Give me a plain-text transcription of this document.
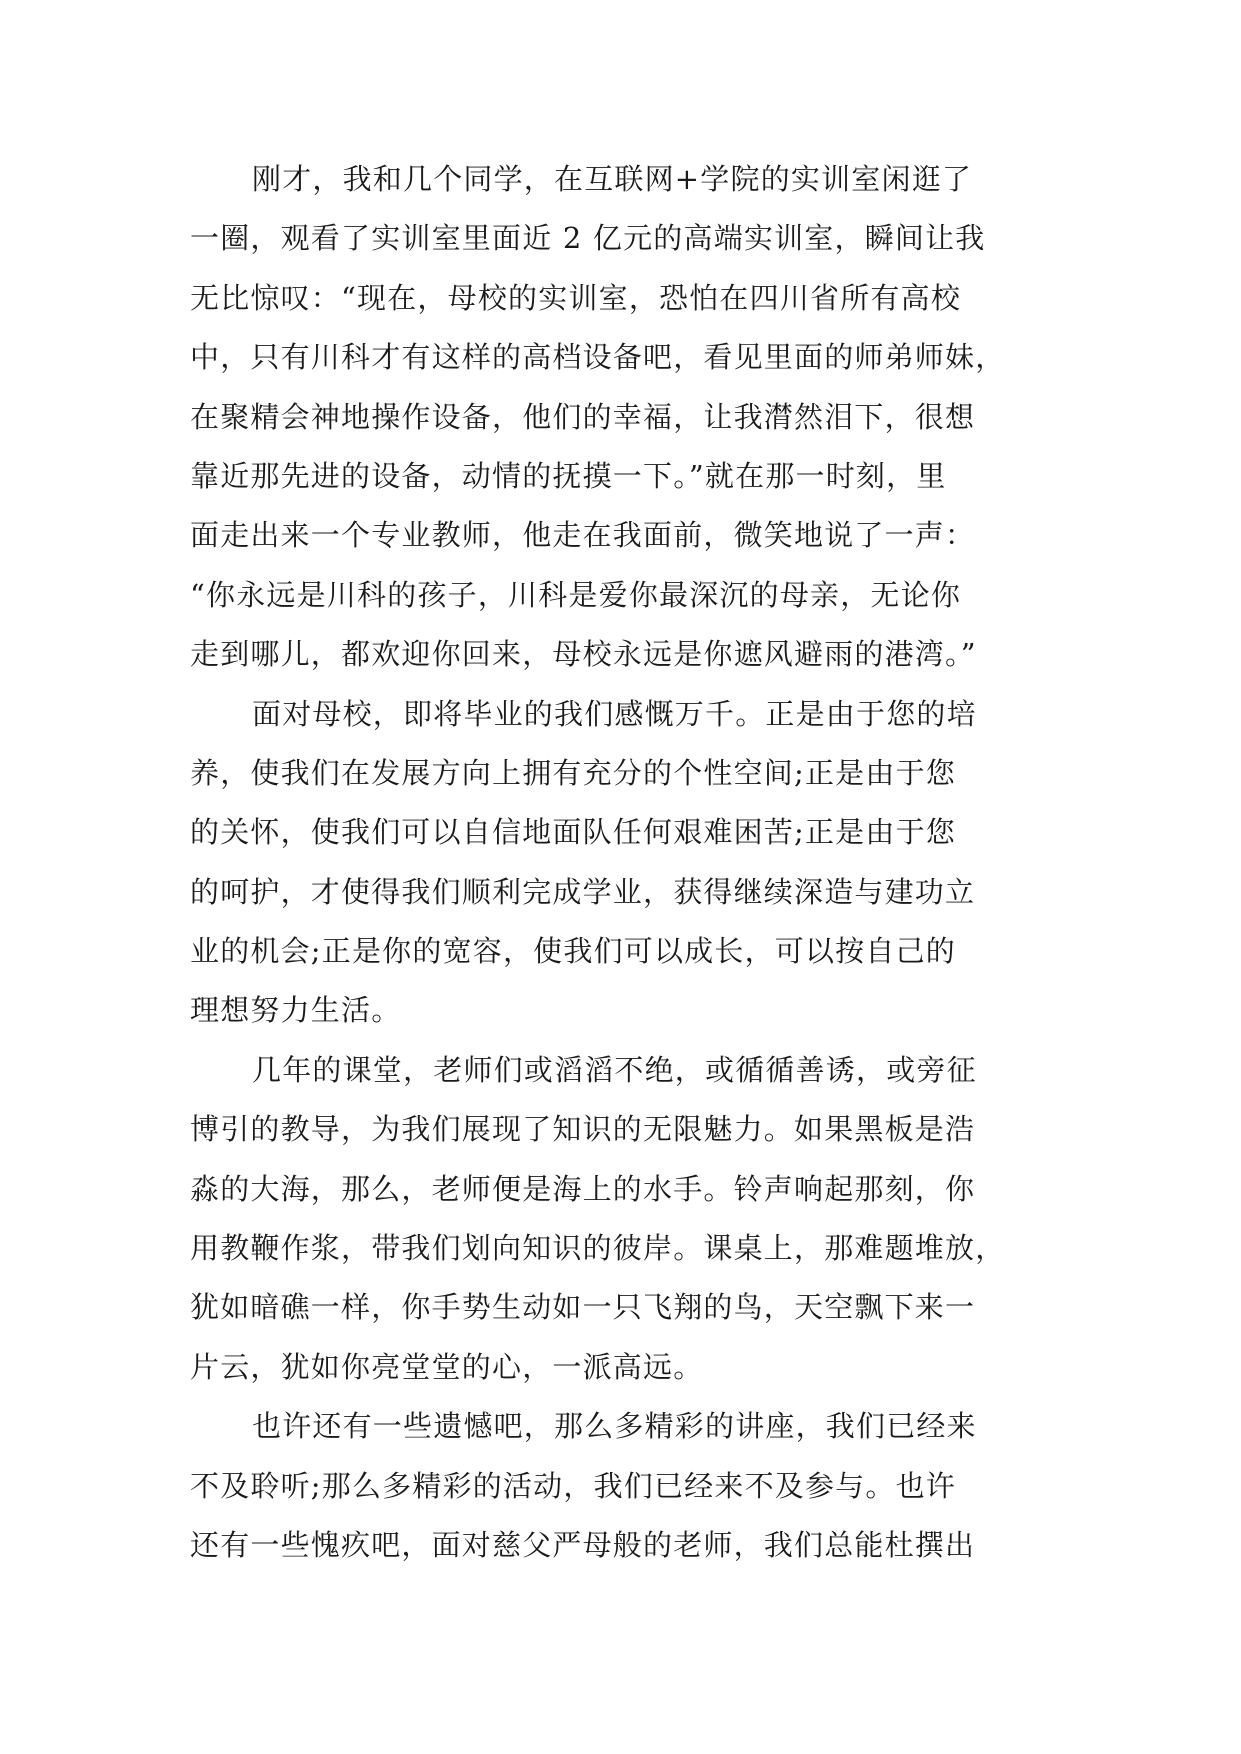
刚才，我和几个同学，在互联网+学院的实训室闲逛了
一圈，观看了实训室里面近 2 亿元的高端实训室，瞬间让我
无比惊叹：“现在，母校的实训室，恐怕在四川省所有高校
中，只有川科才有这样的高档设备吧，看见里面的师弟师妹，
在聚精会神地操作设备，他们的幸福，让我潸然泪下，很想
靠近那先进的设备，动情的抚摸一下。”就在那一时刻，里
面走出来一个专业教师，他走在我面前，微笑地说了一声：
“你永远是川科的孩子，川科是爱你最深沉的母亲，无论你
走到哪儿，都欢迎你回来，母校永远是你遮风避雨的港湾。”
面对母校，即将毕业的我们感慨万千。正是由于您的培
养，使我们在发展方向上拥有充分的个性空间;正是由于您
的关怀，使我们可以自信地面队任何艰难困苦;正是由于您
的呵护，才使得我们顺利完成学业，获得继续深造与建功立
业的机会;正是你的宽容，使我们可以成长，可以按自己的
理想努力生活。
几年的课堂，老师们或滔滔不绝，或循循善诱，或旁征
博引的教导，为我们展现了知识的无限魅力。如果黑板是浩
淼的大海，那么，老师便是海上的水手。铃声响起那刻，你
用教鞭作浆，带我们划向知识的彼岸。课桌上，那难题堆放，
犹如暗礁一样，你手势生动如一只飞翔的鸟，天空飘下来一
片云，犹如你亮堂堂的心，一派高远。
也许还有一些遗憾吧，那么多精彩的讲座，我们已经来
不及聆听;那么多精彩的活动，我们已经来不及参与。也许
还有一些愧疚吧，面对慈父严母般的老师，我们总能杜撰出
